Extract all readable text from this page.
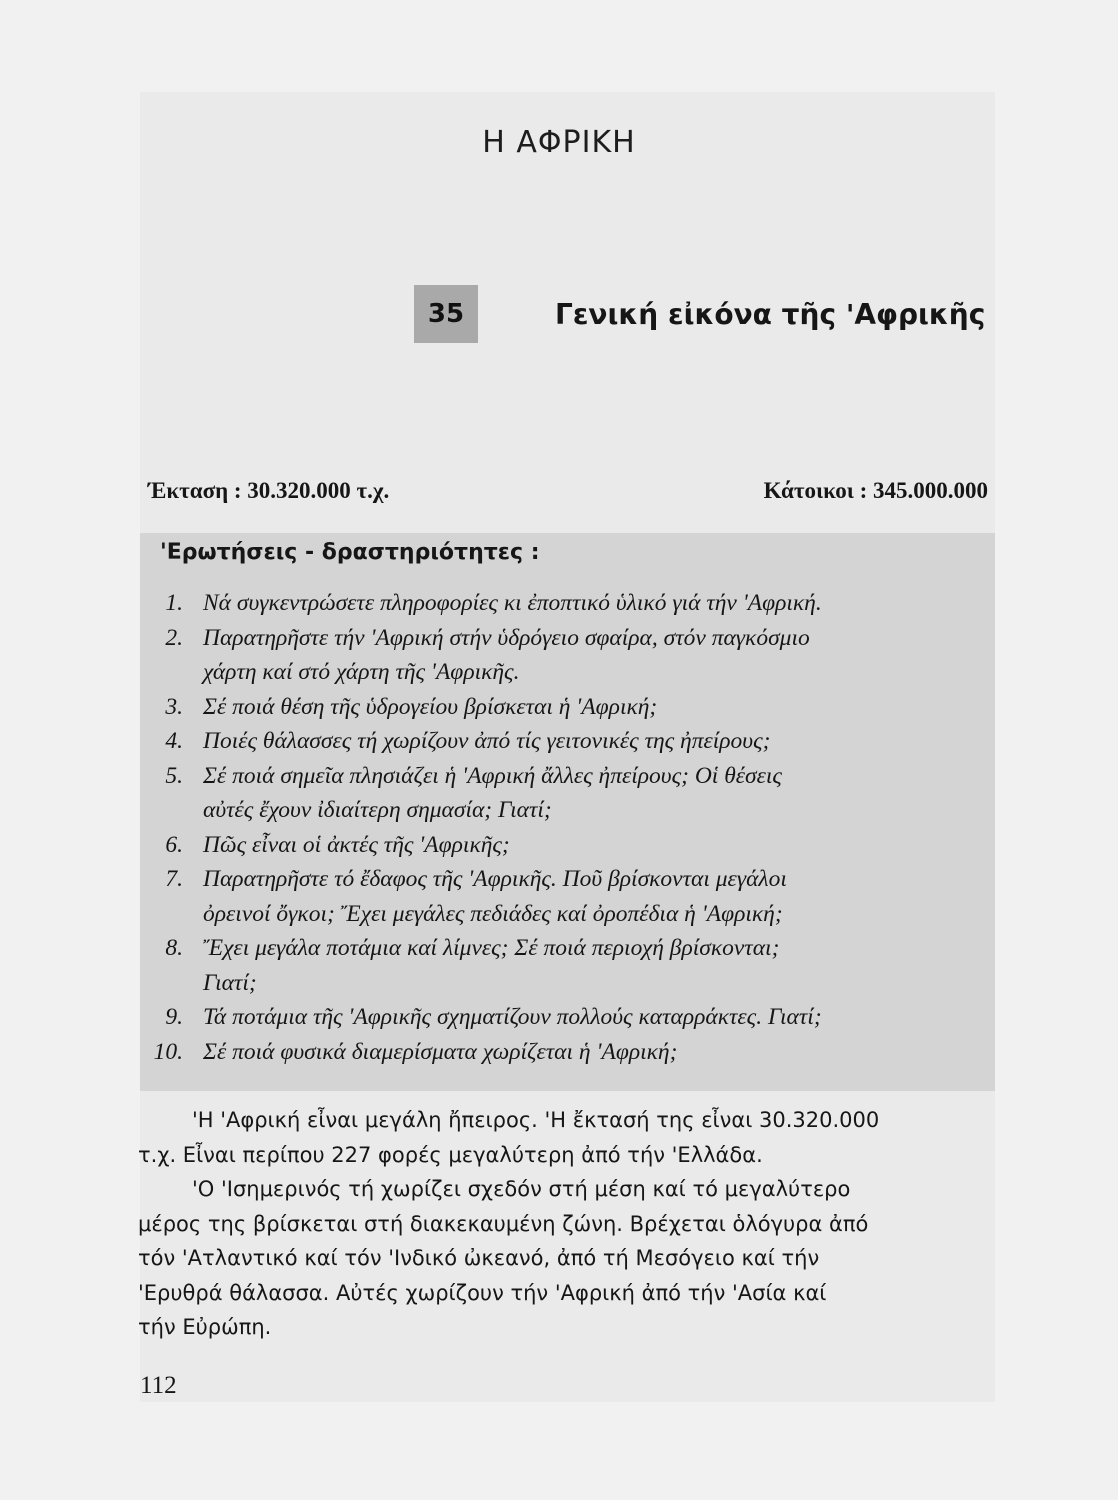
Η ΑΦΡΙΚΗ
35	Γενική εἰκόνα τῆς 'Αφρικῆς
Έκταση : 30.320.000 τ.χ.	Κάτοικοι : 345.000.000
'Ερωτήσεις - δραστηριότητες :
1. Νά συγκεντρώσετε πληροφορίες κι ἐποπτικό ὑλικό γιά τήν 'Αφρική.
2. Παρατηρῆστε τήν 'Αφρική στήν ὑδρόγειο σφαίρα, στόν παγκόσμιο
χάρτη καί στό χάρτη τῆς 'Αφρικῆς.
3. Σέ ποιά θέση τῆς ὑδρογείου βρίσκεται ἡ 'Αφρική;
4. Ποιές θάλασσες τή χωρίζουν ἀπό τίς γειτονικές της ἠπείρους;
5. Σέ ποιά σημεῖα πλησιάζει ἡ 'Αφρική ἄλλες ἠπείρους; Οἱ θέσεις
αὐτές ἔχουν ἰδιαίτερη σημασία; Γιατί;
6. Πῶς εἶναι οἱ ἀκτές τῆς 'Αφρικῆς;
7. Παρατηρῆστε τό ἔδαφος τῆς 'Αφρικῆς. Ποῦ βρίσκονται μεγάλοι
ὀρεινοί ὄγκοι; Ἔχει μεγάλες πεδιάδες καί ὀροπέδια ἡ 'Αφρική;
8. Ἔχει μεγάλα ποτάμια καί λίμνες; Σέ ποιά περιοχή βρίσκονται;
Γιατί;
9. Τά ποτάμια τῆς 'Αφρικῆς σχηματίζουν πολλούς καταρράκτες. Γιατί;
10. Σέ ποιά φυσικά διαμερίσματα χωρίζεται ἡ 'Αφρική;

'Η 'Αφρική εἶναι μεγάλη ἤπειρος. 'Η ἔκτασή της εἶναι 30.320.000

τ.χ. Εἶναι περίπου 227 φορές μεγαλύτερη ἀπό τήν 'Ελλάδα.

'Ο 'Ισημερινός τή χωρίζει σχεδόν στή μέση καί τό μεγαλύτερο

μέρος της βρίσκεται στή διακεκαυμένη ζώνη. Βρέχεται ὁλόγυρα ἀπό

τόν 'Ατλαντικό καί τόν 'Ινδικό ὠκεανό, ἀπό τή Μεσόγειο καί τήν

'Ερυθρά θάλασσα. Αὐτές χωρίζουν τήν 'Αφρική ἀπό τήν 'Ασία καί

τήν Εὐρώπη.

112
